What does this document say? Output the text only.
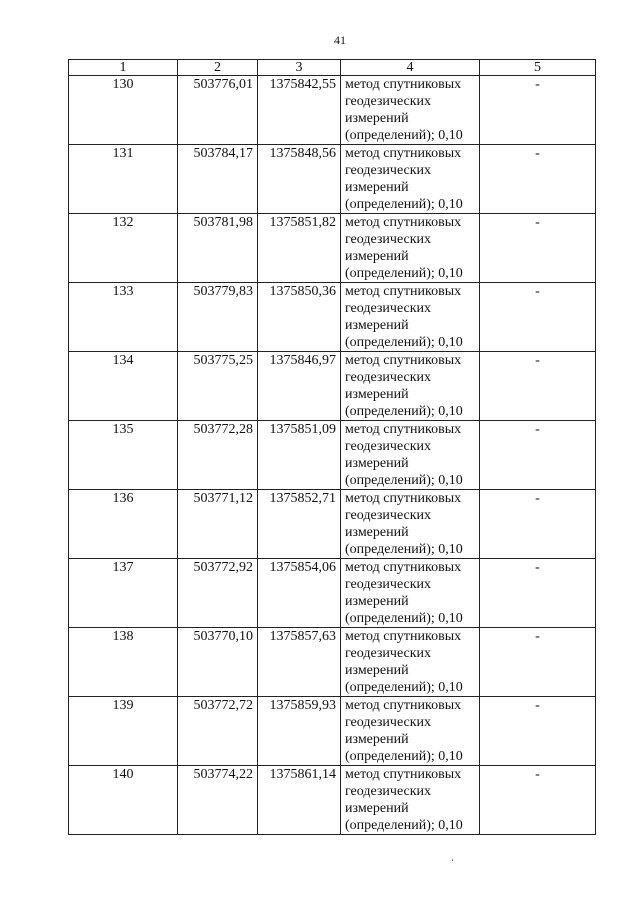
41
1	2	3	4	5
130	503776,01	1375842,55	метод спутниковых
геодезических
измерений
(определений); 0,10	-
131	503784,17	1375848,56	метод спутниковых
геодезических
измерений
(определений); 0,10	-
132	503781,98	1375851,82	метод спутниковых
геодезических
измерений
(определений); 0,10	-
133	503779,83	1375850,36	метод спутниковых
геодезических
измерений
(определений); 0,10	-
134	503775,25	1375846,97	метод спутниковых
геодезических
измерений
(определений); 0,10	-
135	503772,28	1375851,09	метод спутниковых
геодезических
измерений
(определений); 0,10	-
136	503771,12	1375852,71	метод спутниковых
геодезических
измерений
(определений); 0,10	-
137	503772,92	1375854,06	метод спутниковых
геодезических
измерений
(определений); 0,10	-
138	503770,10	1375857,63	метод спутниковых
геодезических
измерений
(определений); 0,10	-
139	503772,72	1375859,93	метод спутниковых
геодезических
измерений
(определений); 0,10	-
140	503774,22	1375861,14	метод спутниковых
геодезических
измерений
(определений); 0,10	-
‘
